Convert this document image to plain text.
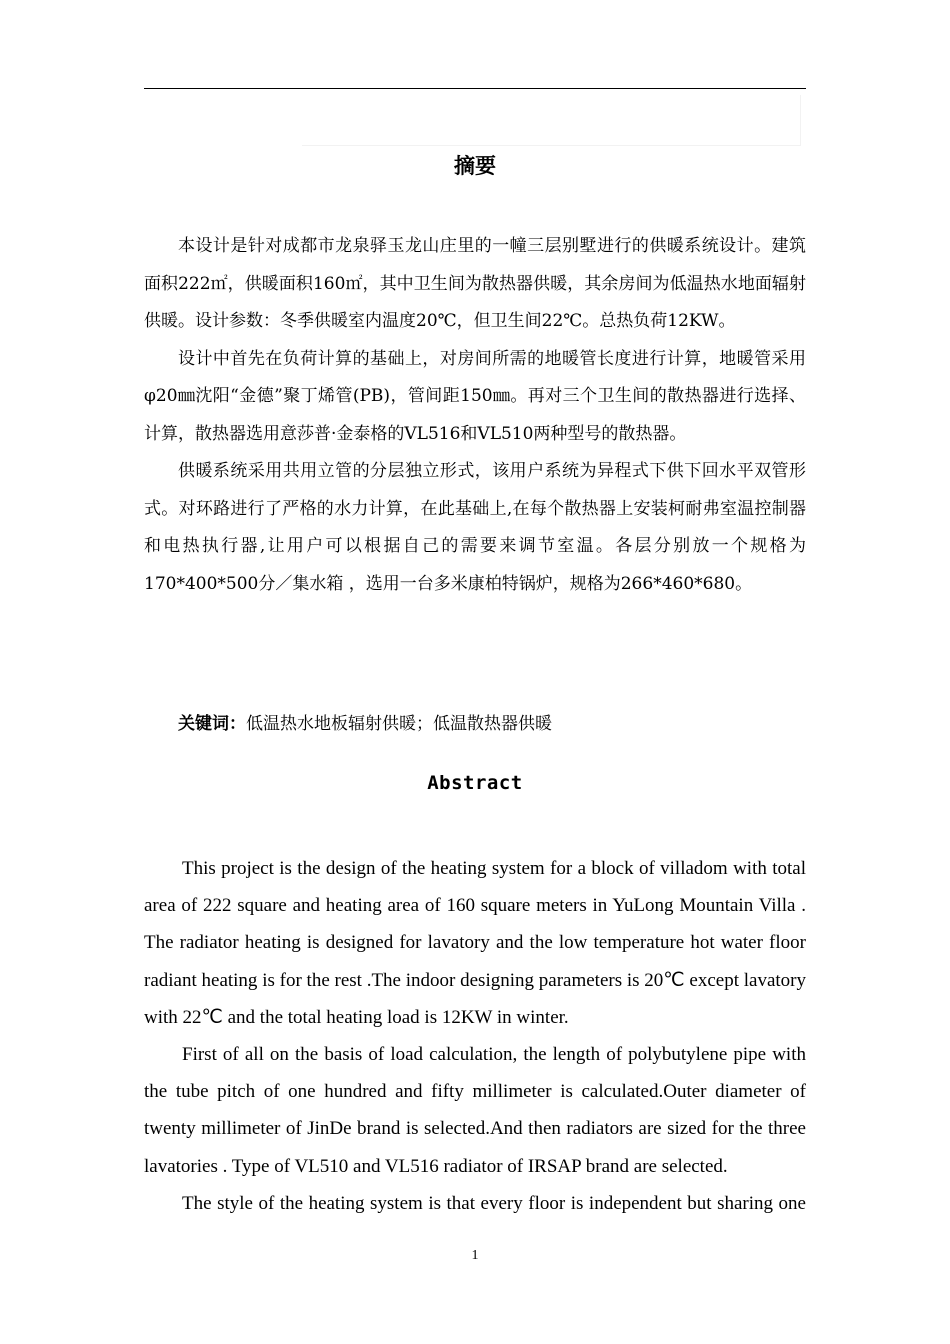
摘要

本设计是针对成都市龙泉驿玉龙山庄里的一幢三层别墅进行的供暖系统设计。建筑面积222㎡，供暖面积160㎡，其中卫生间为散热器供暖，其余房间为低温热水地面辐射供暖。设计参数：冬季供暖室内温度20℃，但卫生间22℃。总热负荷12KW。

设计中首先在负荷计算的基础上，对房间所需的地暖管长度进行计算，地暖管采用φ20㎜沈阳“金德”聚丁烯管(PB)，管间距150㎜。再对三个卫生间的散热器进行选择、计算，散热器选用意莎普·金泰格的VL516和VL510两种型号的散热器。

供暖系统采用共用立管的分层独立形式，该用户系统为异程式下供下回水平双管形式。对环路进行了严格的水力计算，在此基础上,在每个散热器上安装柯耐弗室温控制器和电热执行器,让用户可以根据自己的需要来调节室温。各层分别放一个规格为170*400*500分／集水箱 ，选用一台多米康柏特锅炉，规格为266*460*680。

关键词：低温热水地板辐射供暖；低温散热器供暖
Abstract

This project is the design of the heating system for a block of villadom with total area of 222 square and heating area of 160 square meters in YuLong Mountain Villa . The radiator heating is designed for lavatory and the low temperature hot water floor radiant heating is for the rest .The indoor designing parameters is 20℃ except lavatory with 22℃ and the total heating load is 12KW in winter.

First of all on the basis of load calculation, the length of polybutylene pipe with the tube pitch of one hundred and fifty millimeter is calculated.Outer diameter of twenty millimeter of JinDe brand is selected.And then radiators are sized for the three lavatories . Type of VL510 and VL516 radiator of IRSAP brand are selected.

The style of the heating system is that every floor is independent but sharing one

1
